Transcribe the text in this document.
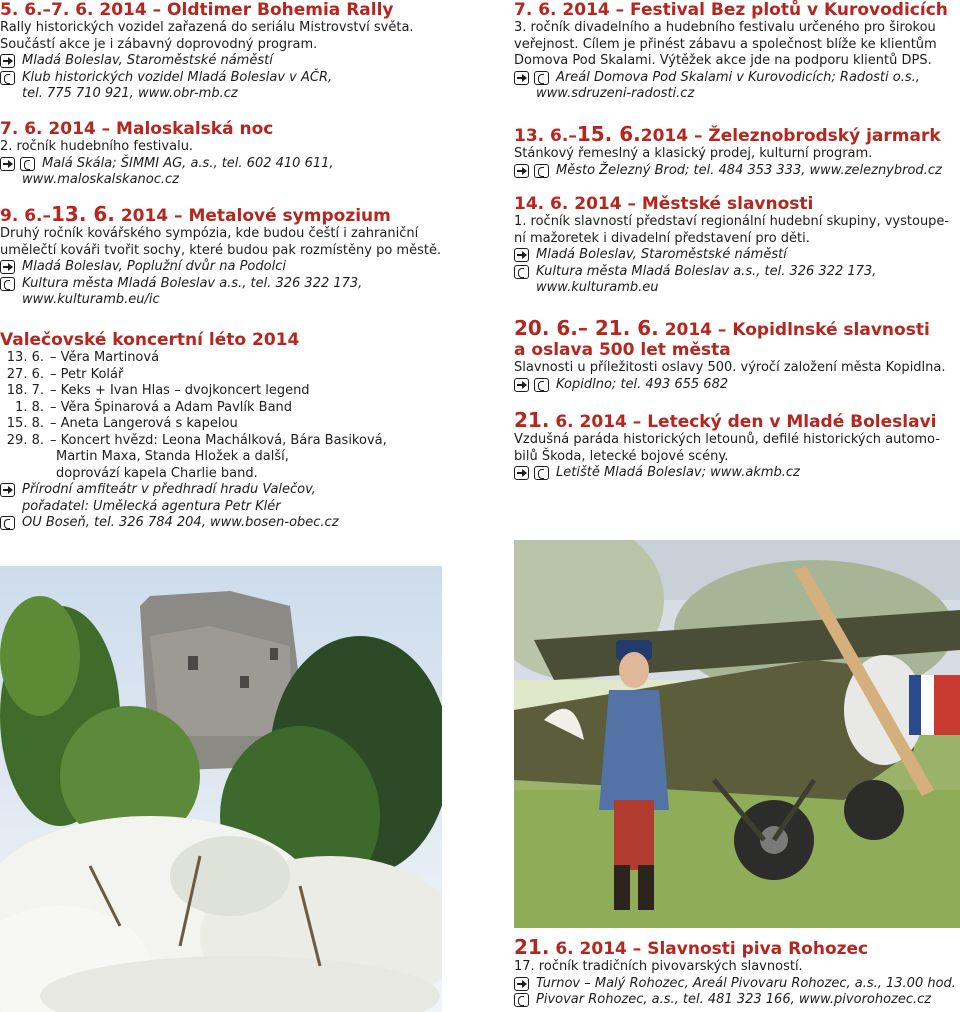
5. 6.–7. 6. 2014 – Oldtimer Bohemia Rally

Rally historických vozidel zařazená do seriálu Mistrovství světa.

Součástí akce je i zábavný doprovodný program.

Mladá Boleslav, Staroměstské náměstí

Klub historických vozidel Mladá Boleslav v AČR,

tel. 775 710 921, www.obr-mb.cz

7. 6. 2014 – Maloskalská noc

2. ročník hudebního festivalu.

Malá Skála; ŠIMMI AG, a.s., tel. 602 410 611,

www.maloskalskanoc.cz

9. 6.–13. 6. 2014 – Metalové sympozium

Druhý ročník kovářského sympózia, kde budou čeští i zahraniční

umělečtí kováři tvořit sochy, které budou pak rozmístěny po městě.

Mladá Boleslav, Poplužní dvůr na Podolci

Kultura města Mladá Boleslav a.s., tel. 326 322 173,

www.kulturamb.eu/ic

Valečovské koncertní léto 2014

13. 6. – Věra Martinová

27. 6. – Petr Kolář

18. 7. – Keks + Ivan Hlas – dvojkoncert legend

1. 8. – Věra Špinarová a Adam Pavlík Band

15. 8. – Aneta Langerová s kapelou

29. 8. – Koncert hvězd: Leona Machálková, Bára Basiková,

Martin Maxa, Standa Hložek a další,

doprovází kapela Charlie band.

Přírodní amfiteátr v předhradí hradu Valečov,

pořadatel: Umělecká agentura Petr Klér

OU Boseň, tel. 326 784 204, www.bosen-obec.cz

7. 6. 2014 – Festival Bez plotů v Kurovodicích

3. ročník divadelního a hudebního festivalu určeného pro širokou

veřejnost. Cílem je přinést zábavu a společnost blíže ke klientům

Domova Pod Skalami. Výtěžek akce jde na podporu klientů DPS.

Areál Domova Pod Skalami v Kurovodicích; Radosti o.s.,

www.sdruzeni-radosti.cz

13. 6.–15. 6.2014 – Železnobrodský jarmark

Stánkový řemeslný a klasický prodej, kulturní program.

Město Železný Brod; tel. 484 353 333, www.zeleznybrod.cz

14. 6. 2014 – Městské slavnosti

1. ročník slavností představí regionální hudební skupiny, vystoupe-

ní mažoretek i divadelní představení pro děti.

Mladá Boleslav, Staroměstské náměstí

Kultura města Mladá Boleslav a.s., tel. 326 322 173,

www.kulturamb.eu

20. 6.– 21. 6. 2014 – Kopidlnské slavnosti

a oslava 500 let města

Slavnosti u příležitosti oslavy 500. výročí založení města Kopidlna.

Kopidlno; tel. 493 655 682

21. 6. 2014 – Letecký den v Mladé Boleslavi

Vzdušná paráda historických letounů, defilé historických automo-

bilů Škoda, letecké bojové scény.

Letiště Mladá Boleslav; www.akmb.cz

21. 6. 2014 – Slavnosti piva Rohozec

17. ročník tradičních pivovarských slavností.

Turnov – Malý Rohozec, Areál Pivovaru Rohozec, a.s., 13.00 hod.

Pivovar Rohozec, a.s., tel. 481 323 166, www.pivorohozec.cz
